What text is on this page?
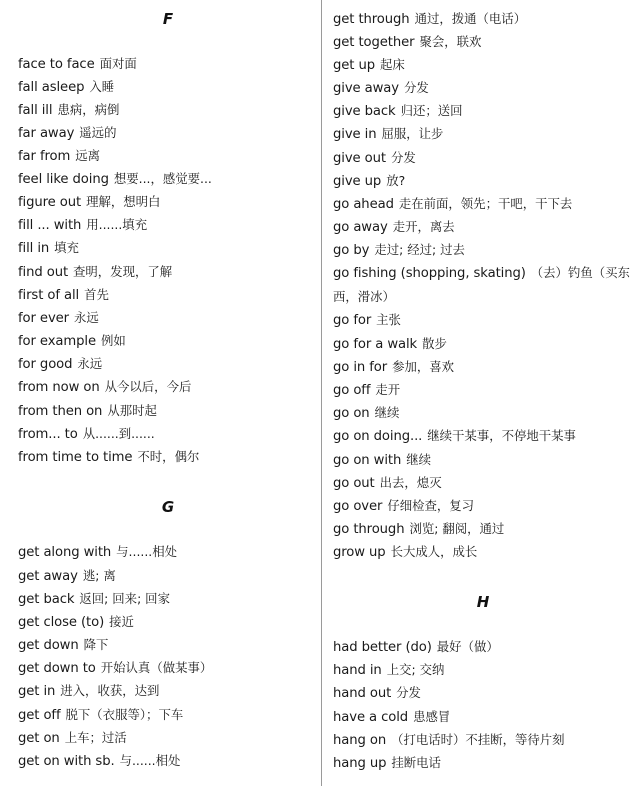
F
face to face 面对面
fall asleep 入睡
fall ill 患病，病倒
far away 遥远的
far from 远离
feel like doing 想要...，感觉要...
figure out 理解，想明白
fill ... with 用......填充
fill in 填充
find out 查明，发现，了解
first of all 首先
for ever 永远
for example 例如
for good 永远
from now on 从今以后，今后
from then on 从那时起
from... to 从......到......
from time to time 不时，偶尔
G
get along with 与......相处
get away 逃; 离
get back 返回; 回来; 回家
get close (to) 接近
get down 降下
get down to 开始认真（做某事）
get in 进入，收获，达到
get off 脱下（衣服等）；下车
get on 上车；过活
get on with sb. 与......相处
get through 通过，拨通（电话）
get together 聚会，联欢
get up 起床
give away 分发
give back 归还；送回
give in 屈服，让步
give out 分发
give up 放?
go ahead 走在前面，领先；干吧，干下去
go away 走开，离去
go by 走过; 经过; 过去
go fishing (shopping, skating) （去）钓鱼（买东西，滑冰）
go for 主张
go for a walk 散步
go in for 参加，喜欢
go off 走开
go on 继续
go on doing... 继续干某事，不停地干某事
go on with 继续
go out 出去，熄灭
go over 仔细检查，复习
go through 浏览; 翻阅，通过
grow up 长大成人，成长
H
had better (do) 最好（做）
hand in 上交; 交纳
hand out 分发
have a cold 患感冒
hang on （打电话时）不挂断，等待片刻
hang up 挂断电话
